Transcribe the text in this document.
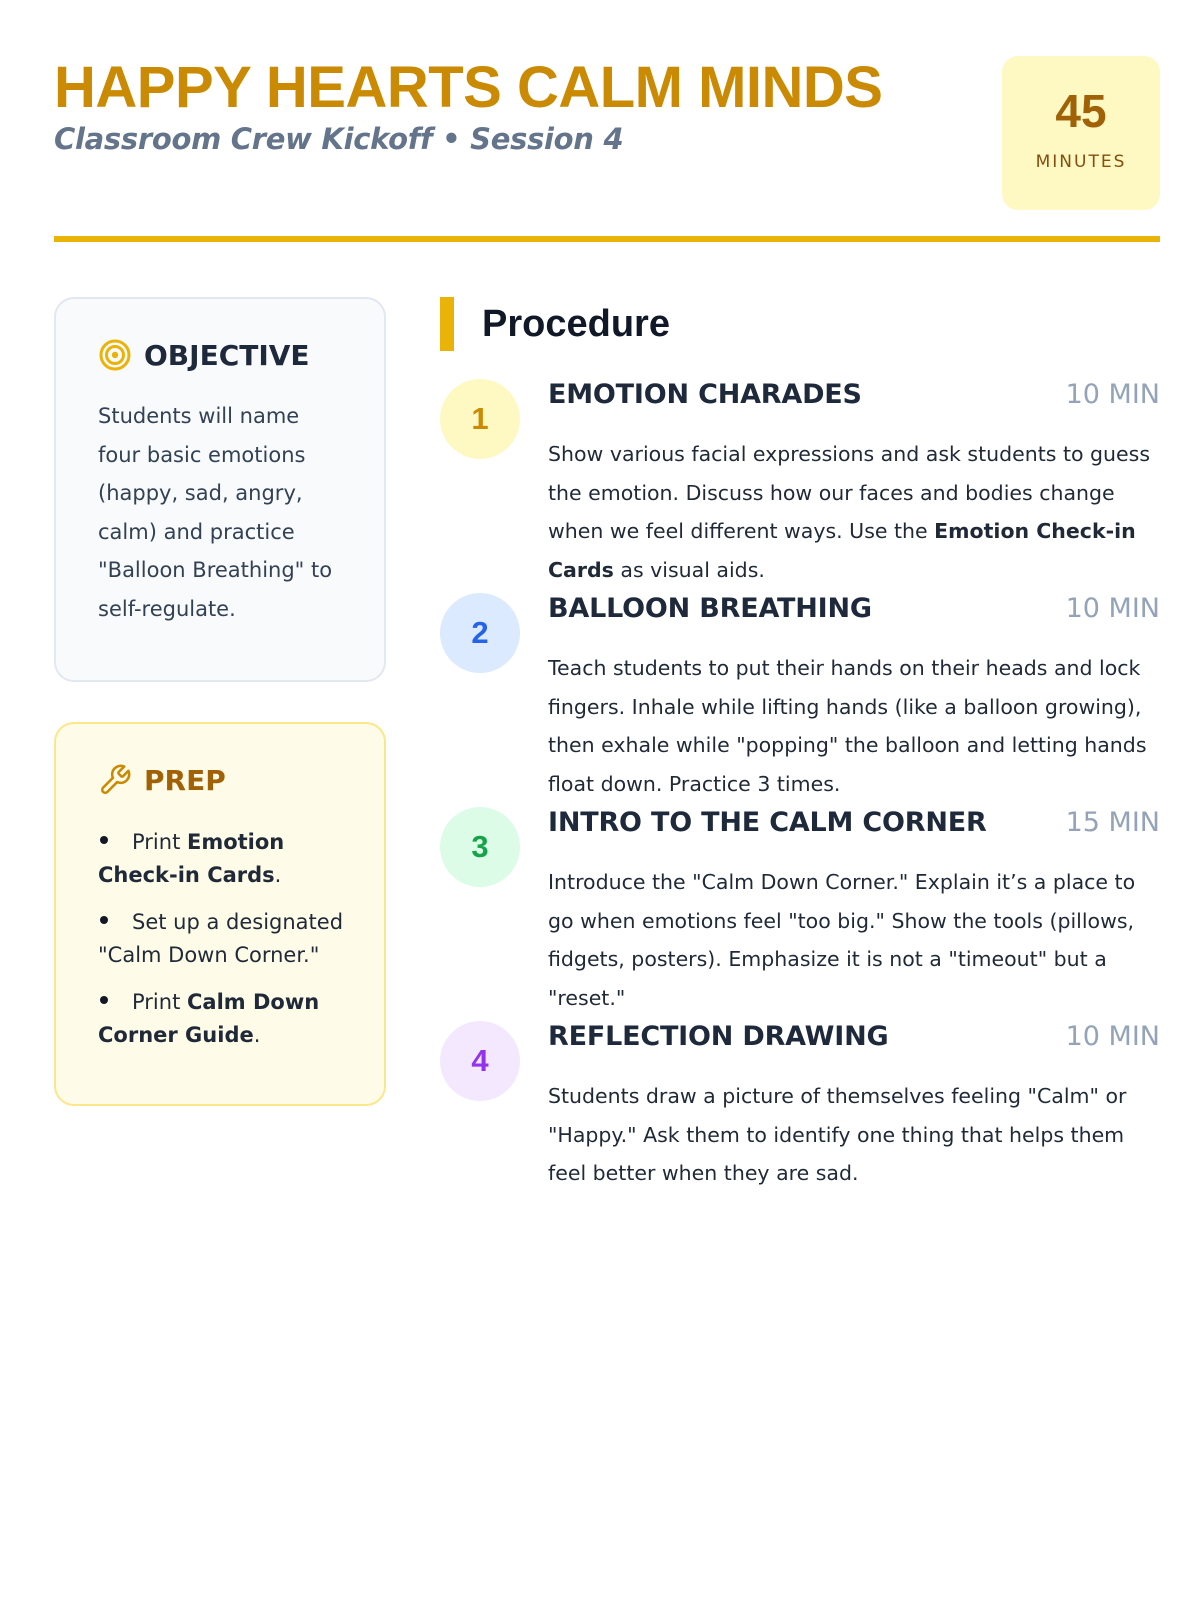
HAPPY HEARTS CALM MINDS
Classroom Crew Kickoff • Session 4
45
MINUTES
OBJECTIVE

Students will name four basic emotions (happy, sad, angry, calm) and practice "Balloon Breathing" to self-regulate.

PREP
Print Emotion Check-in Cards.
Set up a designated "Calm Down Corner."
Print Calm Down Corner Guide.
Procedure
1
EMOTION CHARADES	10 MIN

Show various facial expressions and ask students to guess the emotion. Discuss how our faces and bodies change when we feel different ways. Use the Emotion Check-in Cards as visual aids.

2
BALLOON BREATHING	10 MIN

Teach students to put their hands on their heads and lock fingers. Inhale while lifting hands (like a balloon growing), then exhale while "popping" the balloon and letting hands float down. Practice 3 times.

3
INTRO TO THE CALM CORNER	15 MIN

Introduce the "Calm Down Corner." Explain it’s a place to go when emotions feel "too big." Show the tools (pillows, fidgets, posters). Emphasize it is not a "timeout" but a "reset."

4
REFLECTION DRAWING	10 MIN

Students draw a picture of themselves feeling "Calm" or "Happy." Ask them to identify one thing that helps them feel better when they are sad.
